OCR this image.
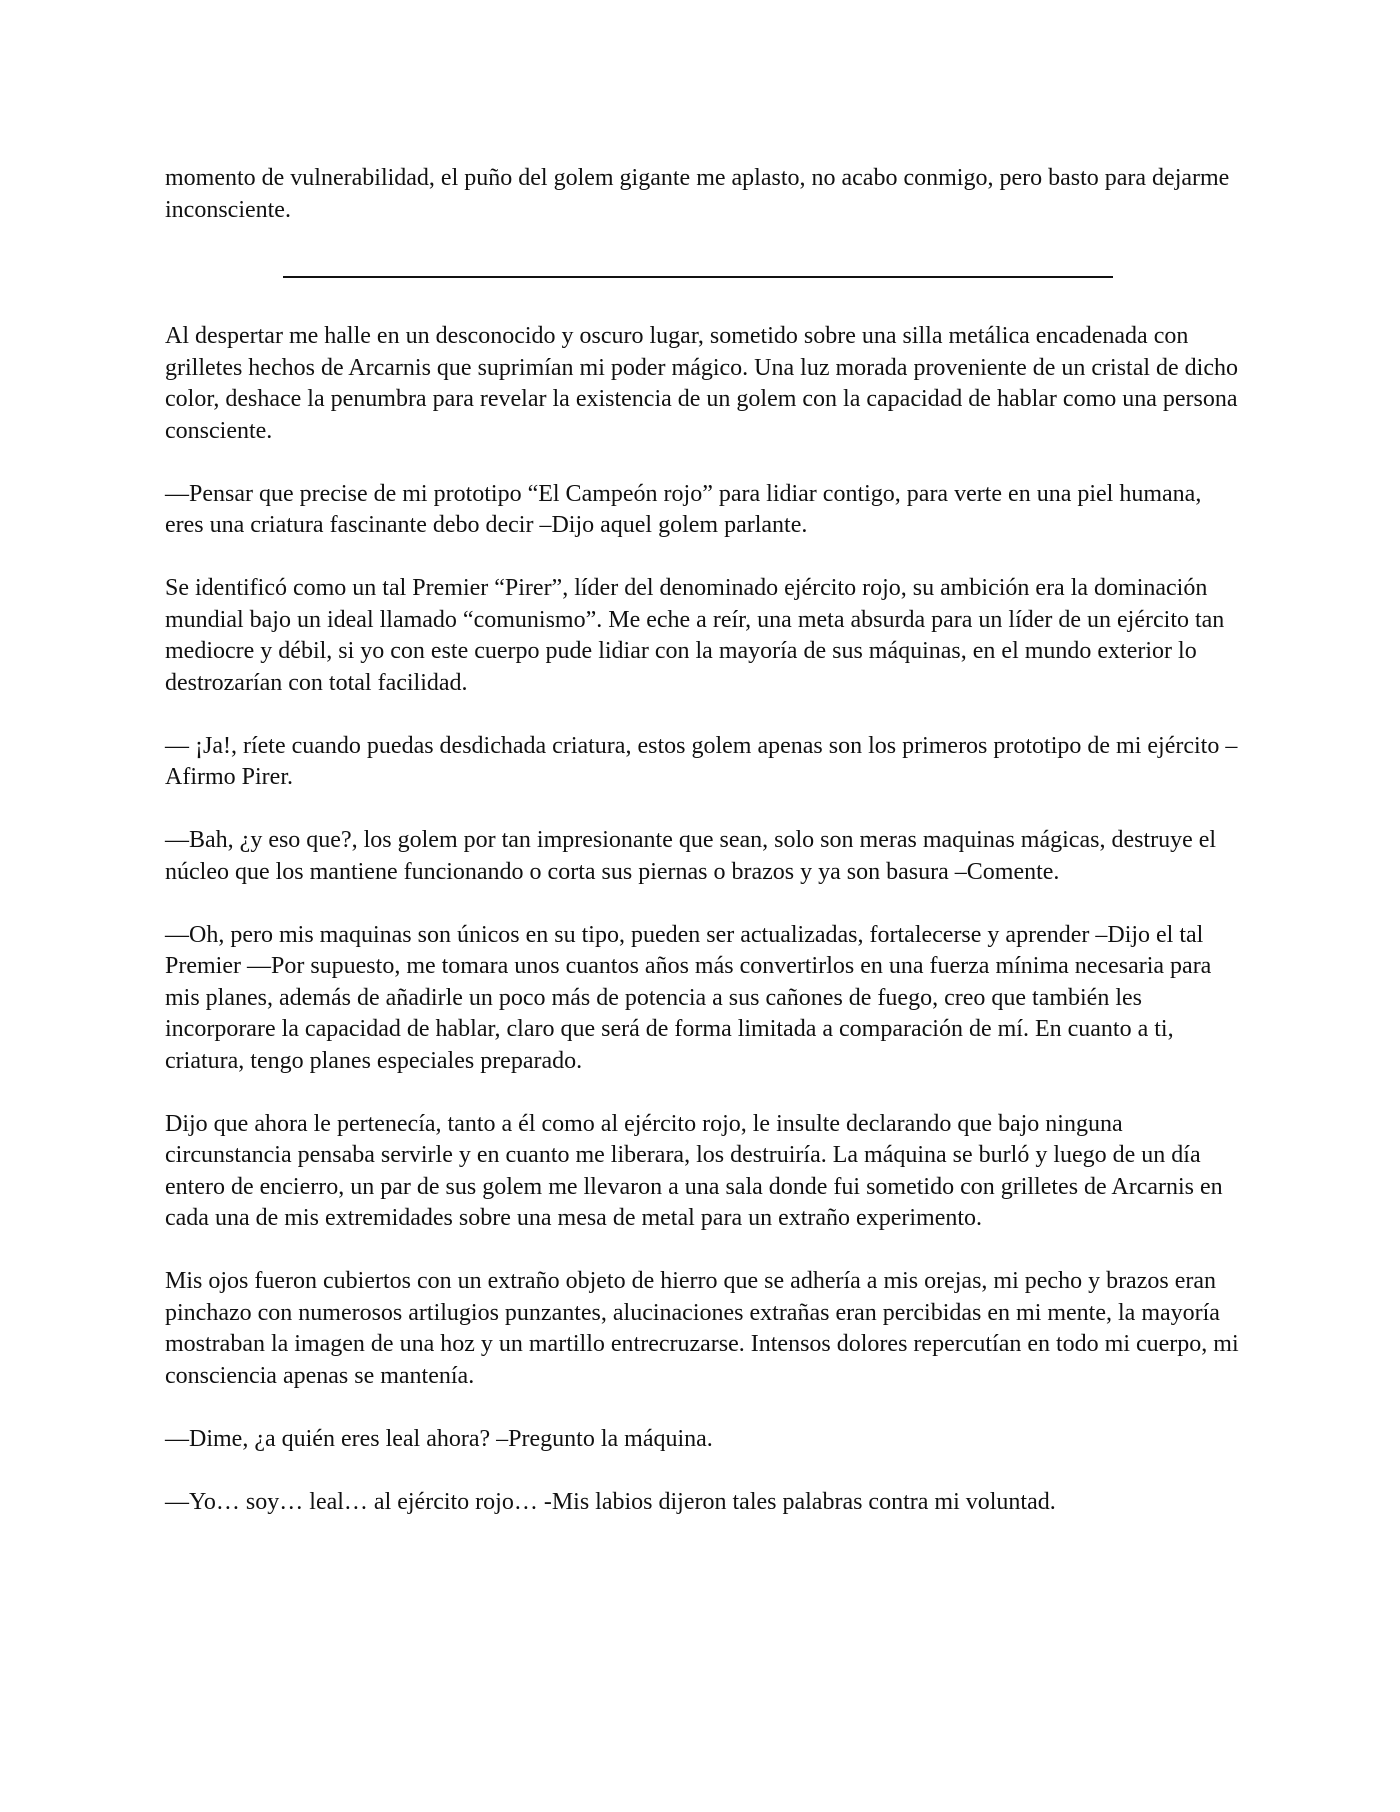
momento de vulnerabilidad, el puño del golem gigante me aplasto, no acabo conmigo, pero basto para dejarme inconsciente.

Al despertar me halle en un desconocido y oscuro lugar, sometido sobre una silla metálica encadenada con grilletes hechos de Arcarnis que suprimían mi poder mágico. Una luz morada proveniente de un cristal de dicho color, deshace la penumbra para revelar la existencia de un golem con la capacidad de hablar como una persona consciente.

—Pensar que precise de mi prototipo “El Campeón rojo” para lidiar contigo, para verte en una piel humana, eres una criatura fascinante debo decir –Dijo aquel golem parlante.

Se identificó como un tal Premier “Pirer”, líder del denominado ejército rojo, su ambición era la dominación mundial bajo un ideal llamado “comunismo”. Me eche a reír, una meta absurda para un líder de un ejército tan mediocre y débil, si yo con este cuerpo pude lidiar con la mayoría de sus máquinas, en el mundo exterior lo destrozarían con total facilidad.

— ¡Ja!, ríete cuando puedas desdichada criatura, estos golem apenas son los primeros prototipo de mi ejército –Afirmo Pirer.

—Bah, ¿y eso que?, los golem por tan impresionante que sean, solo son meras maquinas mágicas, destruye el núcleo que los mantiene funcionando o corta sus piernas o brazos y ya son basura –Comente.

—Oh, pero mis maquinas son únicos en su tipo, pueden ser actualizadas, fortalecerse y aprender –Dijo el tal Premier —Por supuesto, me tomara unos cuantos años más convertirlos en una fuerza mínima necesaria para mis planes, además de añadirle un poco más de potencia a sus cañones de fuego, creo que también les incorporare la capacidad de hablar, claro que será de forma limitada a comparación de mí. En cuanto a ti, criatura, tengo planes especiales preparado.

Dijo que ahora le pertenecía, tanto a él como al ejército rojo, le insulte declarando que bajo ninguna circunstancia pensaba servirle y en cuanto me liberara, los destruiría. La máquina se burló y luego de un día entero de encierro, un par de sus golem me llevaron a una sala donde fui sometido con grilletes de Arcarnis en cada una de mis extremidades sobre una mesa de metal para un extraño experimento.

Mis ojos fueron cubiertos con un extraño objeto de hierro que se adhería a mis orejas, mi pecho y brazos eran pinchazo con numerosos artilugios punzantes, alucinaciones extrañas eran percibidas en mi mente, la mayoría mostraban la imagen de una hoz y un martillo entrecruzarse. Intensos dolores repercutían en todo mi cuerpo, mi consciencia apenas se mantenía.

—Dime, ¿a quién eres leal ahora? –Pregunto la máquina.

—Yo… soy… leal… al ejército rojo… -Mis labios dijeron tales palabras contra mi voluntad.
